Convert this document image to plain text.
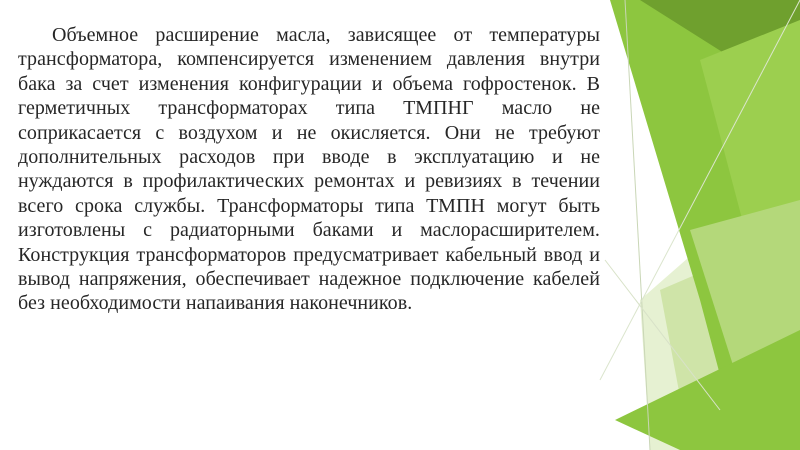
Объемное расширение масла, зависящее от температуры трансформатора, компенсируется изменением давления внутри бака за счет изменения конфигурации и объема гофростенок. В герметичных трансформаторах типа ТМПНГ масло не соприкасается с воздухом и не окисляется. Они не требуют дополнительных расходов при вводе в эксплуатацию и не нуждаются в профилактических ремонтах и ревизиях в течении всего срока службы. Трансформаторы типа ТМПН могут быть изготовлены с радиаторными баками и маслорасширителем. Конструкция трансформаторов предусматривает кабельный ввод и вывод напряжения, обеспечивает надежное подключение кабелей без необходимости напаивания наконечников.
